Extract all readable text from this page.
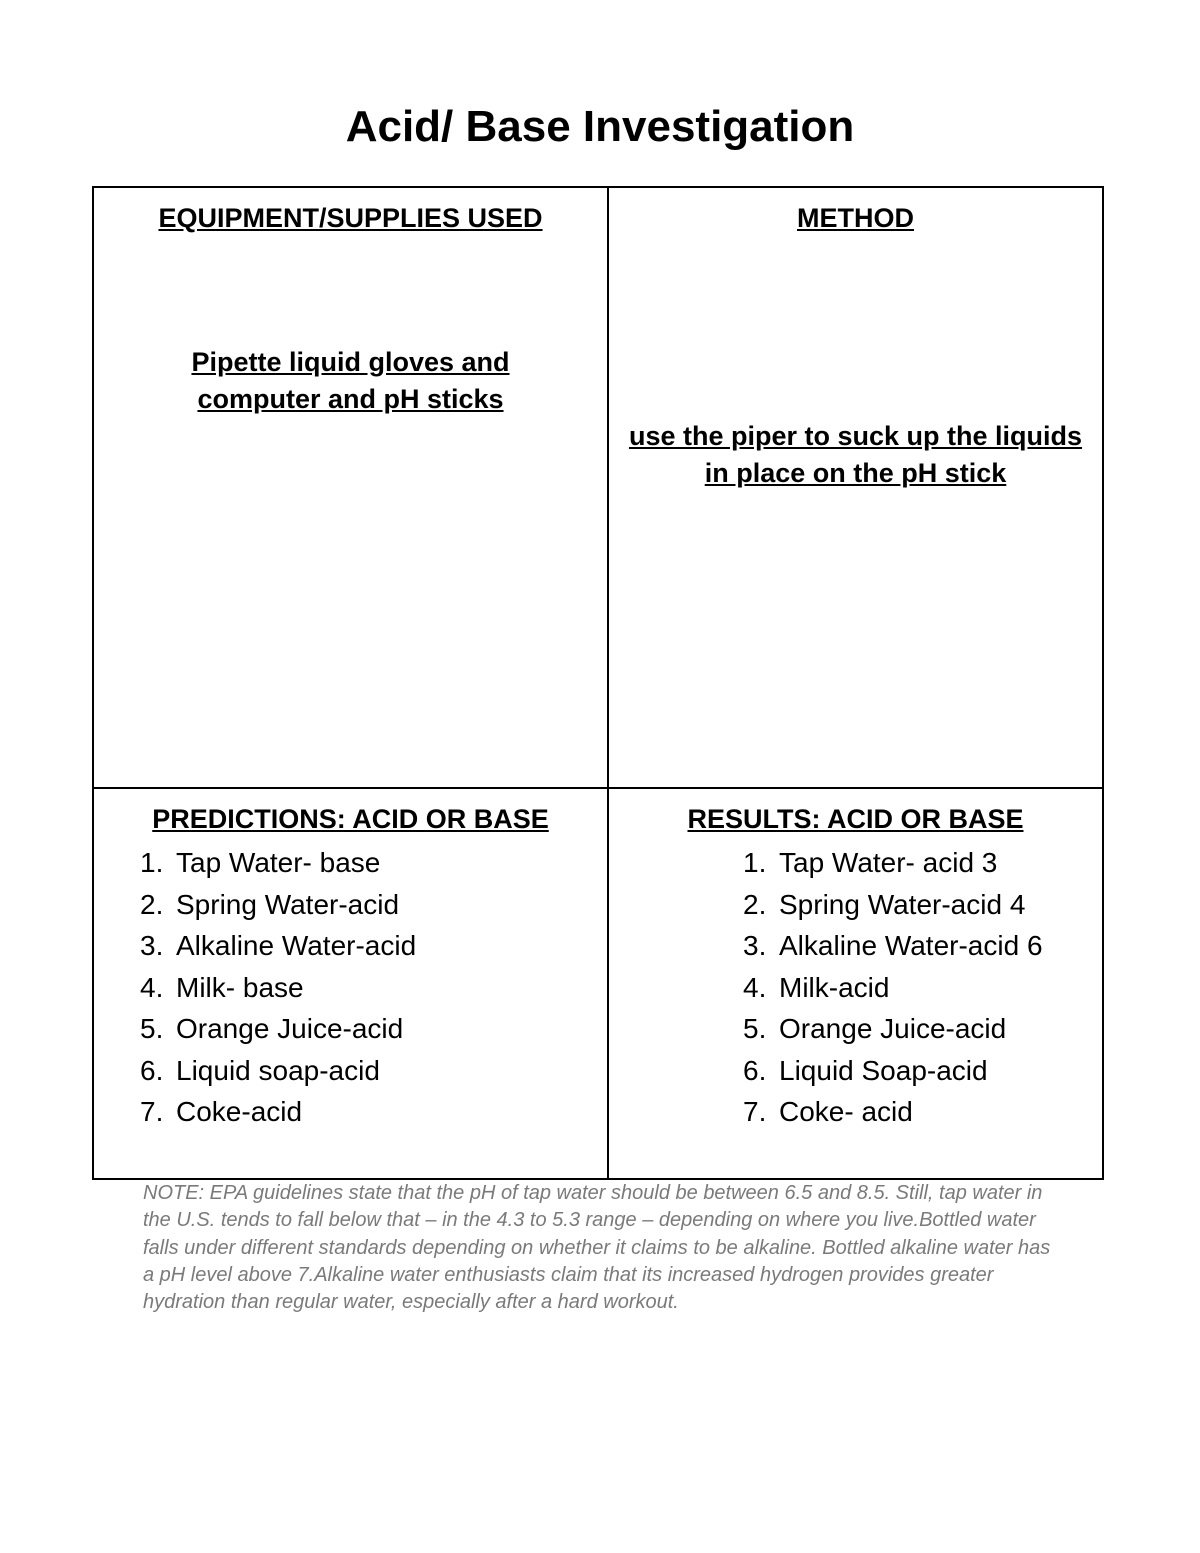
Acid/ Base Investigation
EQUIPMENT/SUPPLIES USED
Pipette liquid gloves and computer and pH sticks
METHOD
use the piper to suck up the liquids in place on the pH stick
PREDICTIONS: ACID OR BASE
1. Tap Water- base
2. Spring Water-acid
3. Alkaline Water-acid
4. Milk- base
5. Orange Juice-acid
6. Liquid soap-acid
7. Coke-acid
RESULTS: ACID OR BASE
1. Tap Water- acid 3
2. Spring Water-acid 4
3. Alkaline Water-acid 6
4. Milk-acid
5. Orange Juice-acid
6. Liquid Soap-acid
7. Coke- acid

NOTE: EPA guidelines state that the pH of tap water should be between 6.5 and 8.5. Still, tap water in the U.S. tends to fall below that – in the 4.3 to 5.3 range – depending on where you live.Bottled water falls under different standards depending on whether it claims to be alkaline. Bottled alkaline water has a pH level above 7.Alkaline water enthusiasts claim that its increased hydrogen provides greater hydration than regular water, especially after a hard workout.
